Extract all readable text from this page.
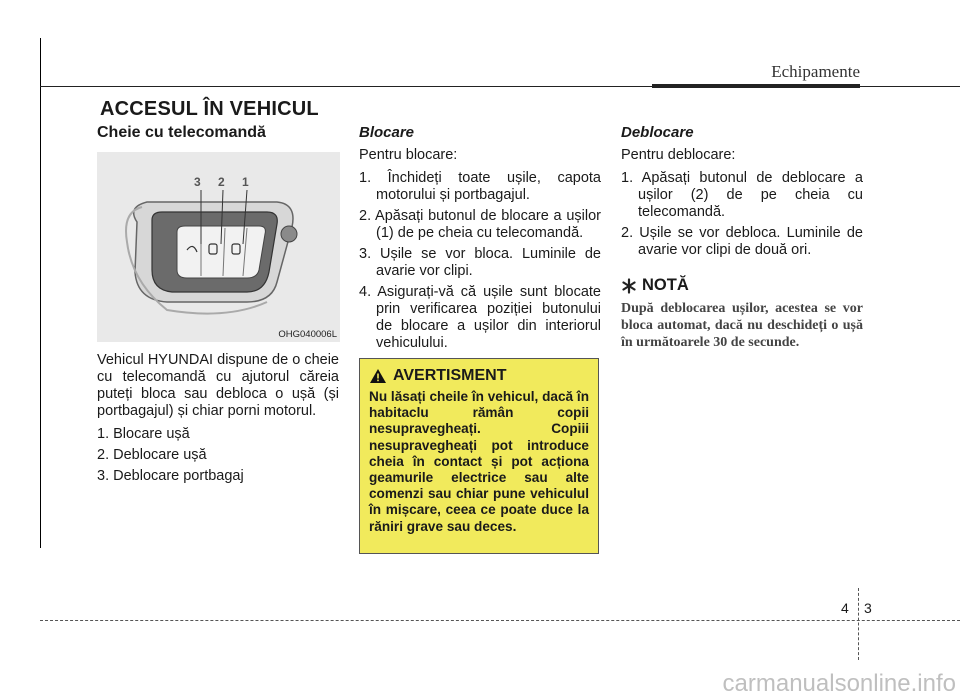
Echipamente
ACCESUL ÎN VEHICUL
Cheie cu telecomandă
3 2 1
OHG040006L

Vehicul HYUNDAI dispune de o cheie cu telecomandă cu ajutorul căreia puteți bloca sau debloca o ușă (și portbagajul) și chiar porni motorul.

1. Blocare ușă
2. Deblocare ușă
3. Deblocare portbagaj
Blocare

Pentru blocare:

1. Închideți toate ușile, capota motorului și portbagajul.
2. Apăsați butonul de blocare a ușilor (1) de pe cheia cu telecomandă.
3. Ușile se vor bloca. Luminile de avarie vor clipi.
4. Asigurați-vă că ușile sunt blocate prin verificarea poziției butonului de blocare a ușilor din interiorul vehiculului.
AVERTISMENT
Nu lăsați cheile în vehicul, dacă în habitaclu rămân copii nesupravegheați. Copiii nesupravegheați pot introduce cheia în contact și pot acționa geamurile electrice sau alte comenzi sau chiar pune vehiculul în mișcare, ceea ce poate duce la răniri grave sau deces.
Deblocare

Pentru deblocare:

1. Apăsați butonul de deblocare a ușilor (2) de pe cheia cu telecomandă.
2. Ușile se vor debloca. Luminile de avarie vor clipi de două ori.
NOTĂ
După deblocarea ușilor, acestea se vor bloca automat, dacă nu deschideți o ușă în următoarele 30 de secunde.
4 3
carmanualsonline.info
